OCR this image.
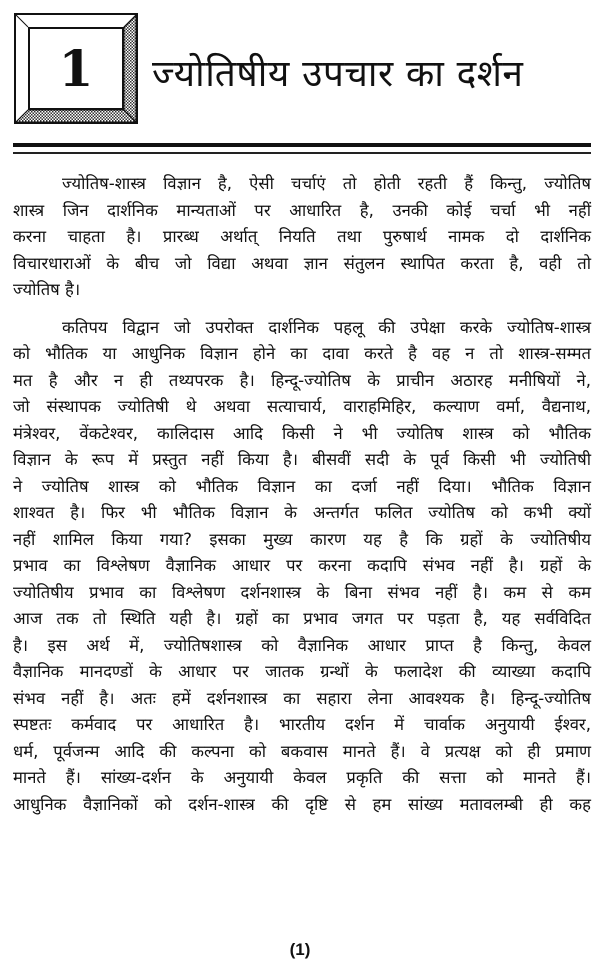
1 ज्योतिषीय उपचार का दर्शन
ज्योतिष-शास्त्र विज्ञान है, ऐसी चर्चाएं तो होती रहती हैं किन्तु, ज्योतिष
शास्त्र जिन दार्शनिक मान्यताओं पर आधारित है, उनकी कोई चर्चा भी नहीं
करना चाहता है। प्रारब्ध अर्थात् नियति तथा पुरुषार्थ नामक दो दार्शनिक
विचारधाराओं के बीच जो विद्या अथवा ज्ञान संतुलन स्थापित करता है, वही तो
ज्योतिष है।
कतिपय विद्वान जो उपरोक्त दार्शनिक पहलू की उपेक्षा करके ज्योतिष-शास्त्र
को भौतिक या आधुनिक विज्ञान होने का दावा करते है वह न तो शास्त्र-सम्मत
मत है और न ही तथ्यपरक है। हिन्दू-ज्योतिष के प्राचीन अठारह मनीषियों ने,
जो संस्थापक ज्योतिषी थे अथवा सत्याचार्य, वाराहमिहिर, कल्याण वर्मा, वैद्यनाथ,
मंत्रेश्वर, वेंकटेश्वर, कालिदास आदि किसी ने भी ज्योतिष शास्त्र को भौतिक
विज्ञान के रूप में प्रस्तुत नहीं किया है। बीसवीं सदी के पूर्व किसी भी ज्योतिषी
ने ज्योतिष शास्त्र को भौतिक विज्ञान का दर्जा नहीं दिया। भौतिक विज्ञान
शाश्वत है। फिर भी भौतिक विज्ञान के अन्तर्गत फलित ज्योतिष को कभी क्यों
नहीं शामिल किया गया? इसका मुख्य कारण यह है कि ग्रहों के ज्योतिषीय
प्रभाव का विश्लेषण वैज्ञानिक आधार पर करना कदापि संभव नहीं है। ग्रहों के
ज्योतिषीय प्रभाव का विश्लेषण दर्शनशास्त्र के बिना संभव नहीं है। कम से कम
आज तक तो स्थिति यही है। ग्रहों का प्रभाव जगत पर पड़ता है, यह सर्वविदित
है। इस अर्थ में, ज्योतिषशास्त्र को वैज्ञानिक आधार प्राप्त है किन्तु, केवल
वैज्ञानिक मानदण्डों के आधार पर जातक ग्रन्थों के फलादेश की व्याख्या कदापि
संभव नहीं है। अतः हमें दर्शनशास्त्र का सहारा लेना आवश्यक है। हिन्दू-ज्योतिष
स्पष्टतः कर्मवाद पर आधारित है। भारतीय दर्शन में चार्वाक अनुयायी ईश्वर,
धर्म, पूर्वजन्म आदि की कल्पना को बकवास मानते हैं। वे प्रत्यक्ष को ही प्रमाण
मानते हैं। सांख्य-दर्शन के अनुयायी केवल प्रकृति की सत्ता को मानते हैं।
आधुनिक वैज्ञानिकों को दर्शन-शास्त्र की दृष्टि से हम सांख्य मतावलम्बी ही कह
(1)
